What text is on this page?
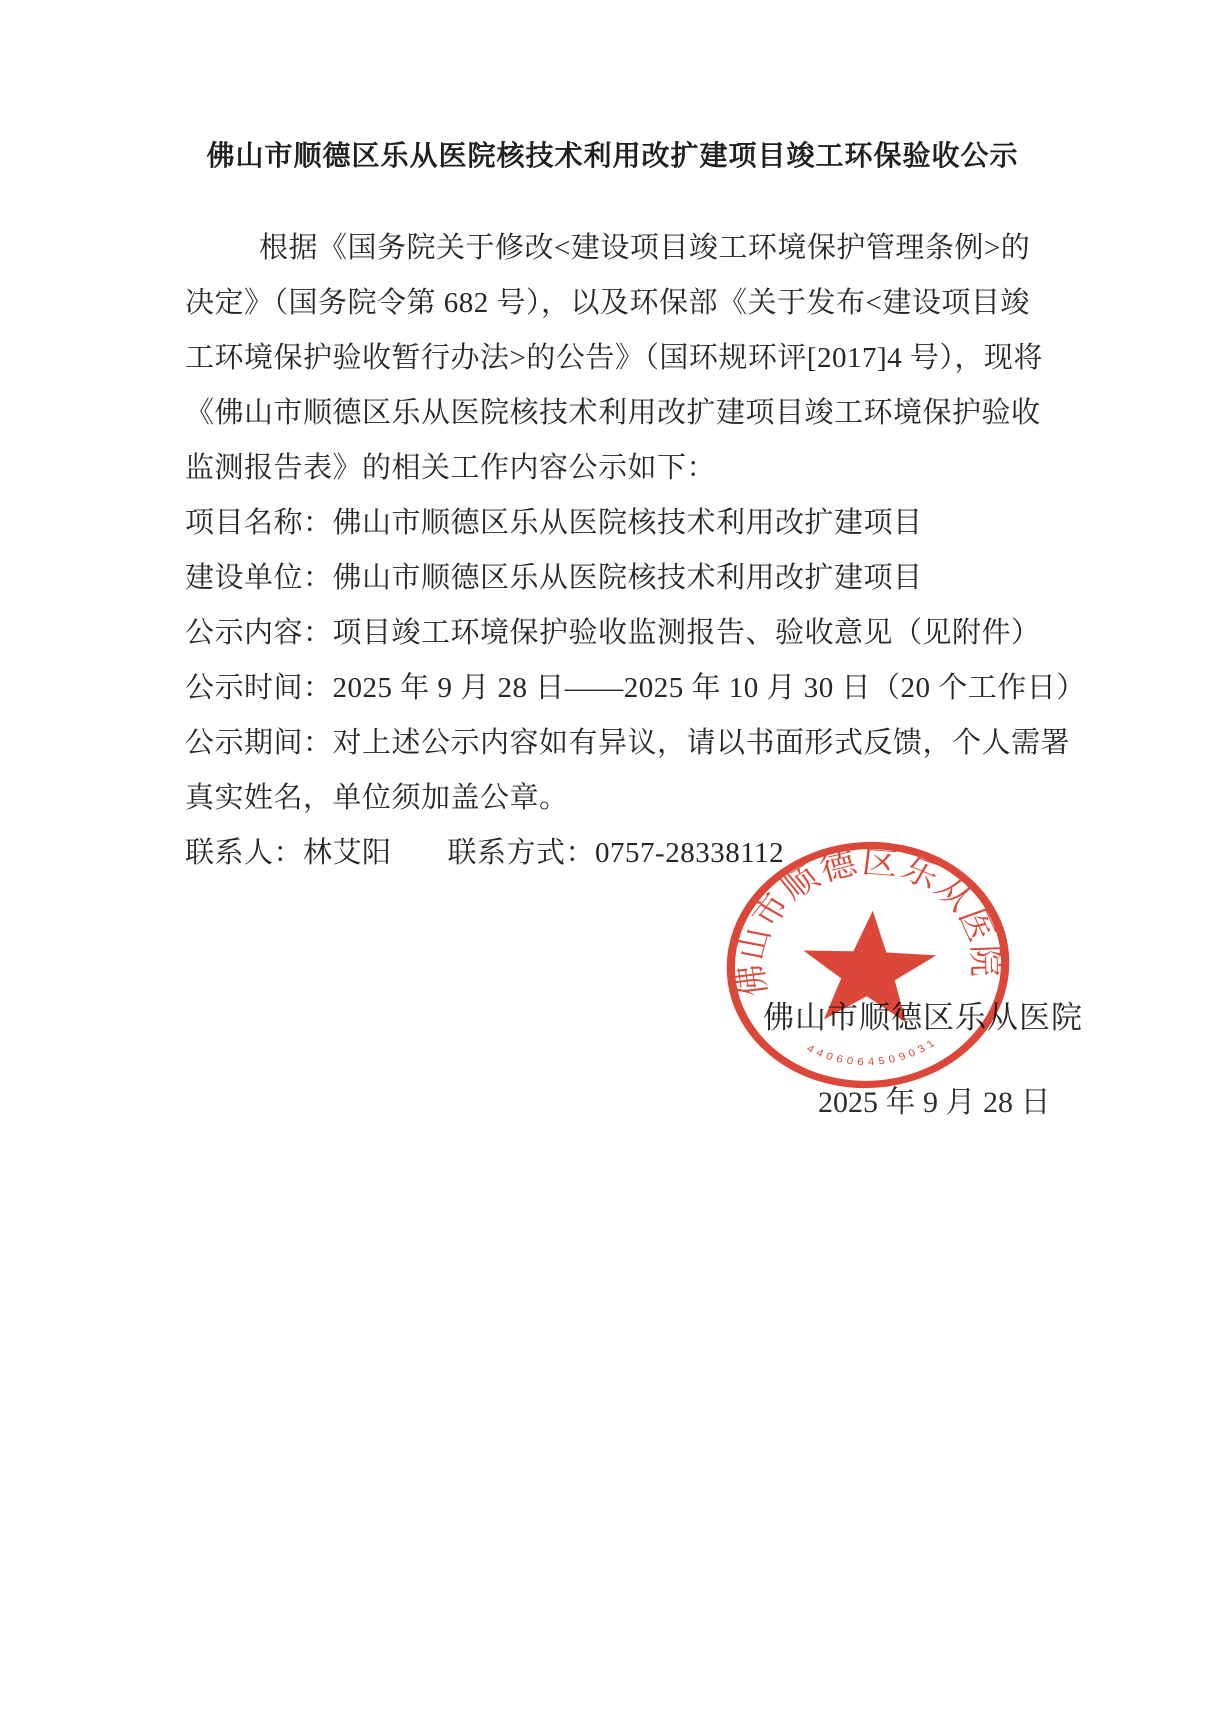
佛山市顺德区乐从医院核技术利用改扩建项目竣工环保验收公示
根据《国务院关于修改<建设项目竣工环境保护管理条例>的
决定》（国务院令第 682 号），以及环保部《关于发布<建设项目竣
工环境保护验收暂行办法>的公告》（国环规环评[2017]4 号），现将
《佛山市顺德区乐从医院核技术利用改扩建项目竣工环境保护验收
监测报告表》的相关工作内容公示如下：
项目名称：佛山市顺德区乐从医院核技术利用改扩建项目
建设单位：佛山市顺德区乐从医院核技术利用改扩建项目
公示内容：项目竣工环境保护验收监测报告、验收意见（见附件）
公示时间：2025 年 9 月 28 日——2025 年 10 月 30 日（20 个工作日）
公示期间：对上述公示内容如有异议，请以书面形式反馈，个人需署
真实姓名，单位须加盖公章。
联系人：林艾阳 联系方式：0757-28338112
佛山市顺德区乐从医院
2025 年 9 月 28 日
佛山市顺德区乐从医院
4406064509031
